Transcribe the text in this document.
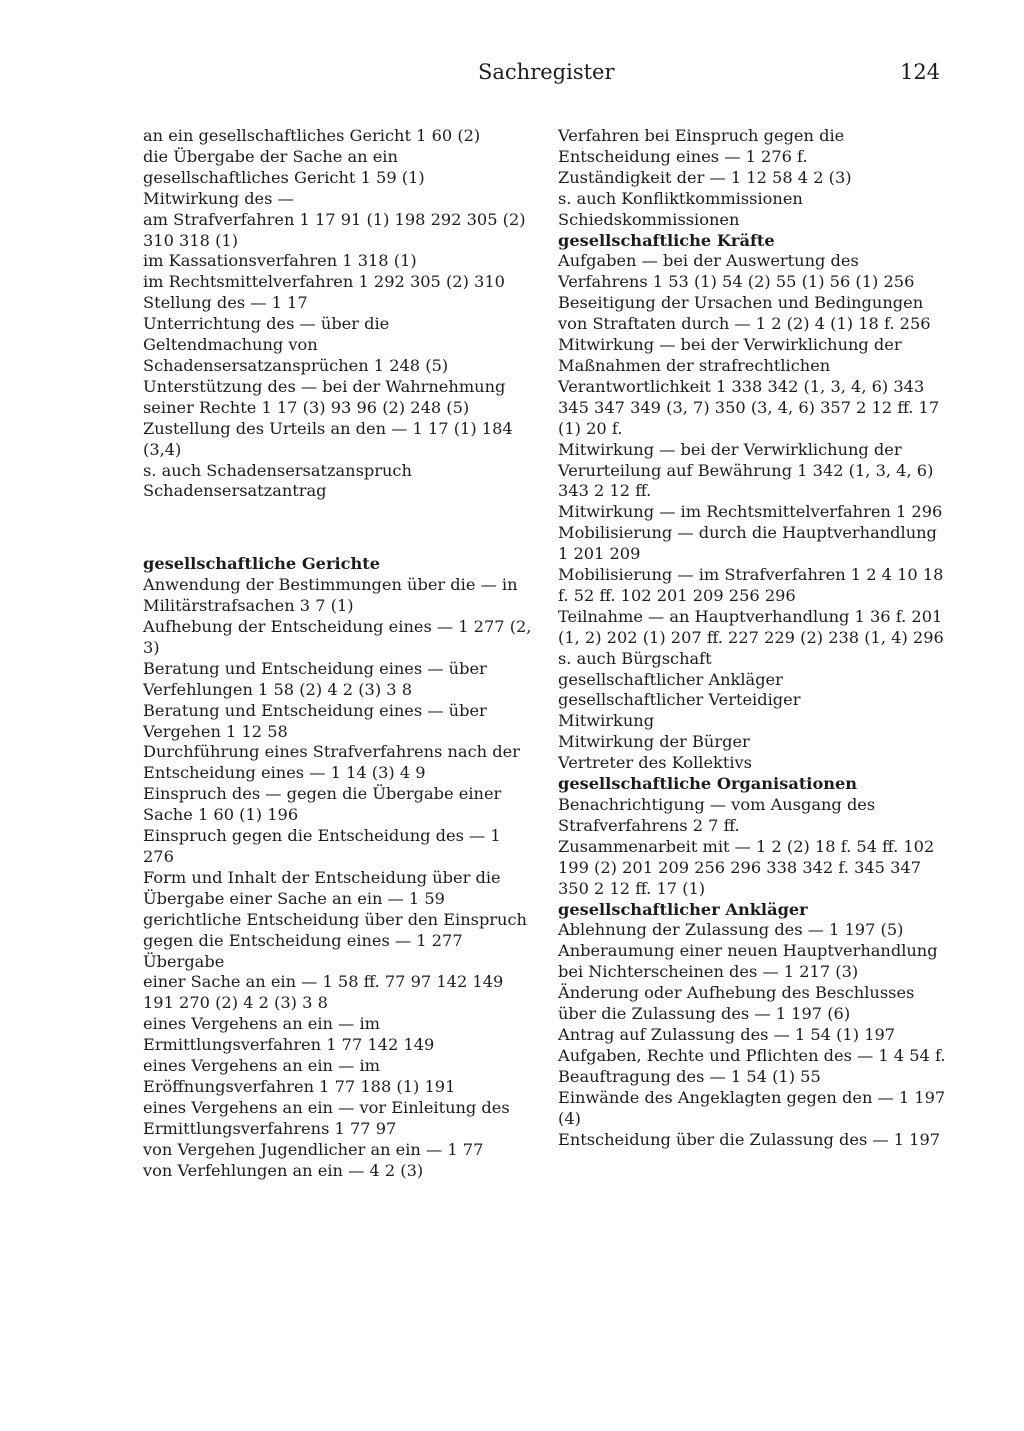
Sachregister	124
an ein gesellschaftliches Gericht 1 60 (2)
die Übergabe der Sache an ein gesellschaftliches Gericht 1 59 (1)
Mitwirkung des —
am Strafverfahren 1 17 91 (1) 198 292 305 (2) 310 318 (1)
im Kassationsverfahren 1 318 (1)
im Rechtsmittelverfahren 1 292 305 (2) 310
Stellung des — 1 17
Unterrichtung des — über die Geltendmachung von Schadensersatzansprüchen 1 248 (5)
Unterstützung des — bei der Wahrnehmung seiner Rechte 1 17 (3) 93 96 (2) 248 (5)
Zustellung des Urteils an den — 1 17 (1) 184 (3,4)
s. auch Schadensersatzanspruch
Schadensersatzantrag
gesellschaftliche Gerichte
Anwendung der Bestimmungen über die — in Militärstrafsachen 3 7 (1)
Aufhebung der Entscheidung eines — 1 277 (2, 3)
Beratung und Entscheidung eines — über Verfehlungen 1 58 (2) 4 2 (3) 3 8
Beratung und Entscheidung eines — über Vergehen 1 12 58
Durchführung eines Strafverfahrens nach der Entscheidung eines — 1 14 (3) 4 9
Einspruch des — gegen die Übergabe einer Sache 1 60 (1) 196
Einspruch gegen die Entscheidung des — 1 276
Form und Inhalt der Entscheidung über die Übergabe einer Sache an ein — 1 59
gerichtliche Entscheidung über den Einspruch gegen die Entscheidung eines — 1 277
Übergabe
einer Sache an ein — 1 58 ff. 77 97 142 149 191 270 (2) 4 2 (3) 3 8
eines Vergehens an ein — im Ermittlungsverfahren 1 77 142 149
eines Vergehens an ein — im Eröffnungsverfahren 1 77 188 (1) 191
eines Vergehens an ein — vor Einleitung des Ermittlungsverfahrens 1 77 97
von Vergehen Jugendlicher an ein — 1 77
von Verfehlungen an ein — 4 2 (3)
Verfahren bei Einspruch gegen die Entscheidung eines — 1 276 f.
Zuständigkeit der — 1 12 58 4 2 (3)
s. auch Konfliktkommissionen
Schiedskommissionen
gesellschaftliche Kräfte
Aufgaben — bei der Auswertung des Verfahrens 1 53 (1) 54 (2) 55 (1) 56 (1) 256
Beseitigung der Ursachen und Bedingungen von Straftaten durch — 1 2 (2) 4 (1) 18 f. 256
Mitwirkung — bei der Verwirklichung der Maßnahmen der strafrechtlichen Verantwortlichkeit 1 338 342 (1, 3, 4, 6) 343 345 347 349 (3, 7) 350 (3, 4, 6) 357 2 12 ff. 17 (1) 20 f.
Mitwirkung — bei der Verwirklichung der Verurteilung auf Bewährung 1 342 (1, 3, 4, 6) 343 2 12 ff.
Mitwirkung — im Rechtsmittelverfahren 1 296
Mobilisierung — durch die Hauptverhandlung 1 201 209
Mobilisierung — im Strafverfahren 1 2 4 10 18 f. 52 ff. 102 201 209 256 296
Teilnahme — an Hauptverhandlung 1 36 f. 201 (1, 2) 202 (1) 207 ff. 227 229 (2) 238 (1, 4) 296
s. auch Bürgschaft
gesellschaftlicher Ankläger
gesellschaftlicher Verteidiger
Mitwirkung
Mitwirkung der Bürger
Vertreter des Kollektivs
gesellschaftliche Organisationen
Benachrichtigung — vom Ausgang des Strafverfahrens 2 7 ff.
Zusammenarbeit mit — 1 2 (2) 18 f. 54 ff. 102 199 (2) 201 209 256 296 338 342 f. 345 347 350 2 12 ff. 17 (1)
gesellschaftlicher Ankläger
Ablehnung der Zulassung des — 1 197 (5)
Anberaumung einer neuen Hauptverhandlung bei Nichterscheinen des — 1 217 (3)
Änderung oder Aufhebung des Beschlusses über die Zulassung des — 1 197 (6)
Antrag auf Zulassung des — 1 54 (1) 197
Aufgaben, Rechte und Pflichten des — 1 4 54 f.
Beauftragung des — 1 54 (1) 55
Einwände des Angeklagten gegen den — 1 197 (4)
Entscheidung über die Zulassung des — 1 197
